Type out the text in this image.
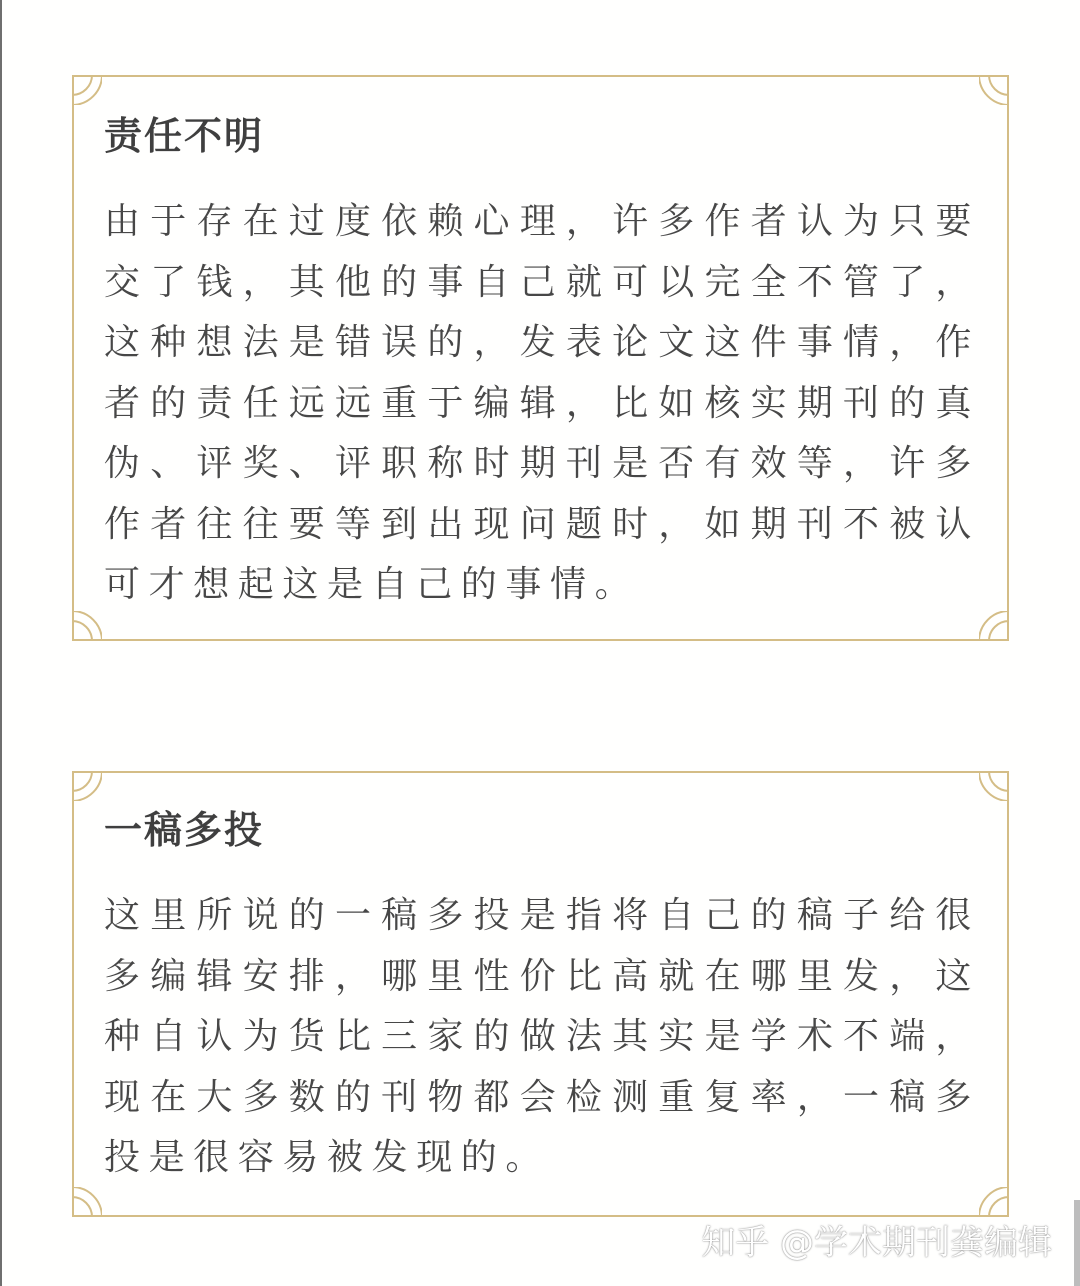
责任不明

由于存在过度依赖心理，许多作者认为只要交了钱，其他的事自己就可以完全不管了，这种想法是错误的，发表论文这件事情，作者的责任远远重于编辑，比如核实期刊的真伪、评奖、评职称时期刊是否有效等，许多作者往往要等到出现问题时，如期刊不被认可才想起这是自己的事情。

一稿多投

这里所说的一稿多投是指将自己的稿子给很多编辑安排，哪里性价比高就在哪里发，这种自认为货比三家的做法其实是学术不端，现在大多数的刊物都会检测重复率，一稿多投是很容易被发现的。

知乎 @学术期刊龚编辑
